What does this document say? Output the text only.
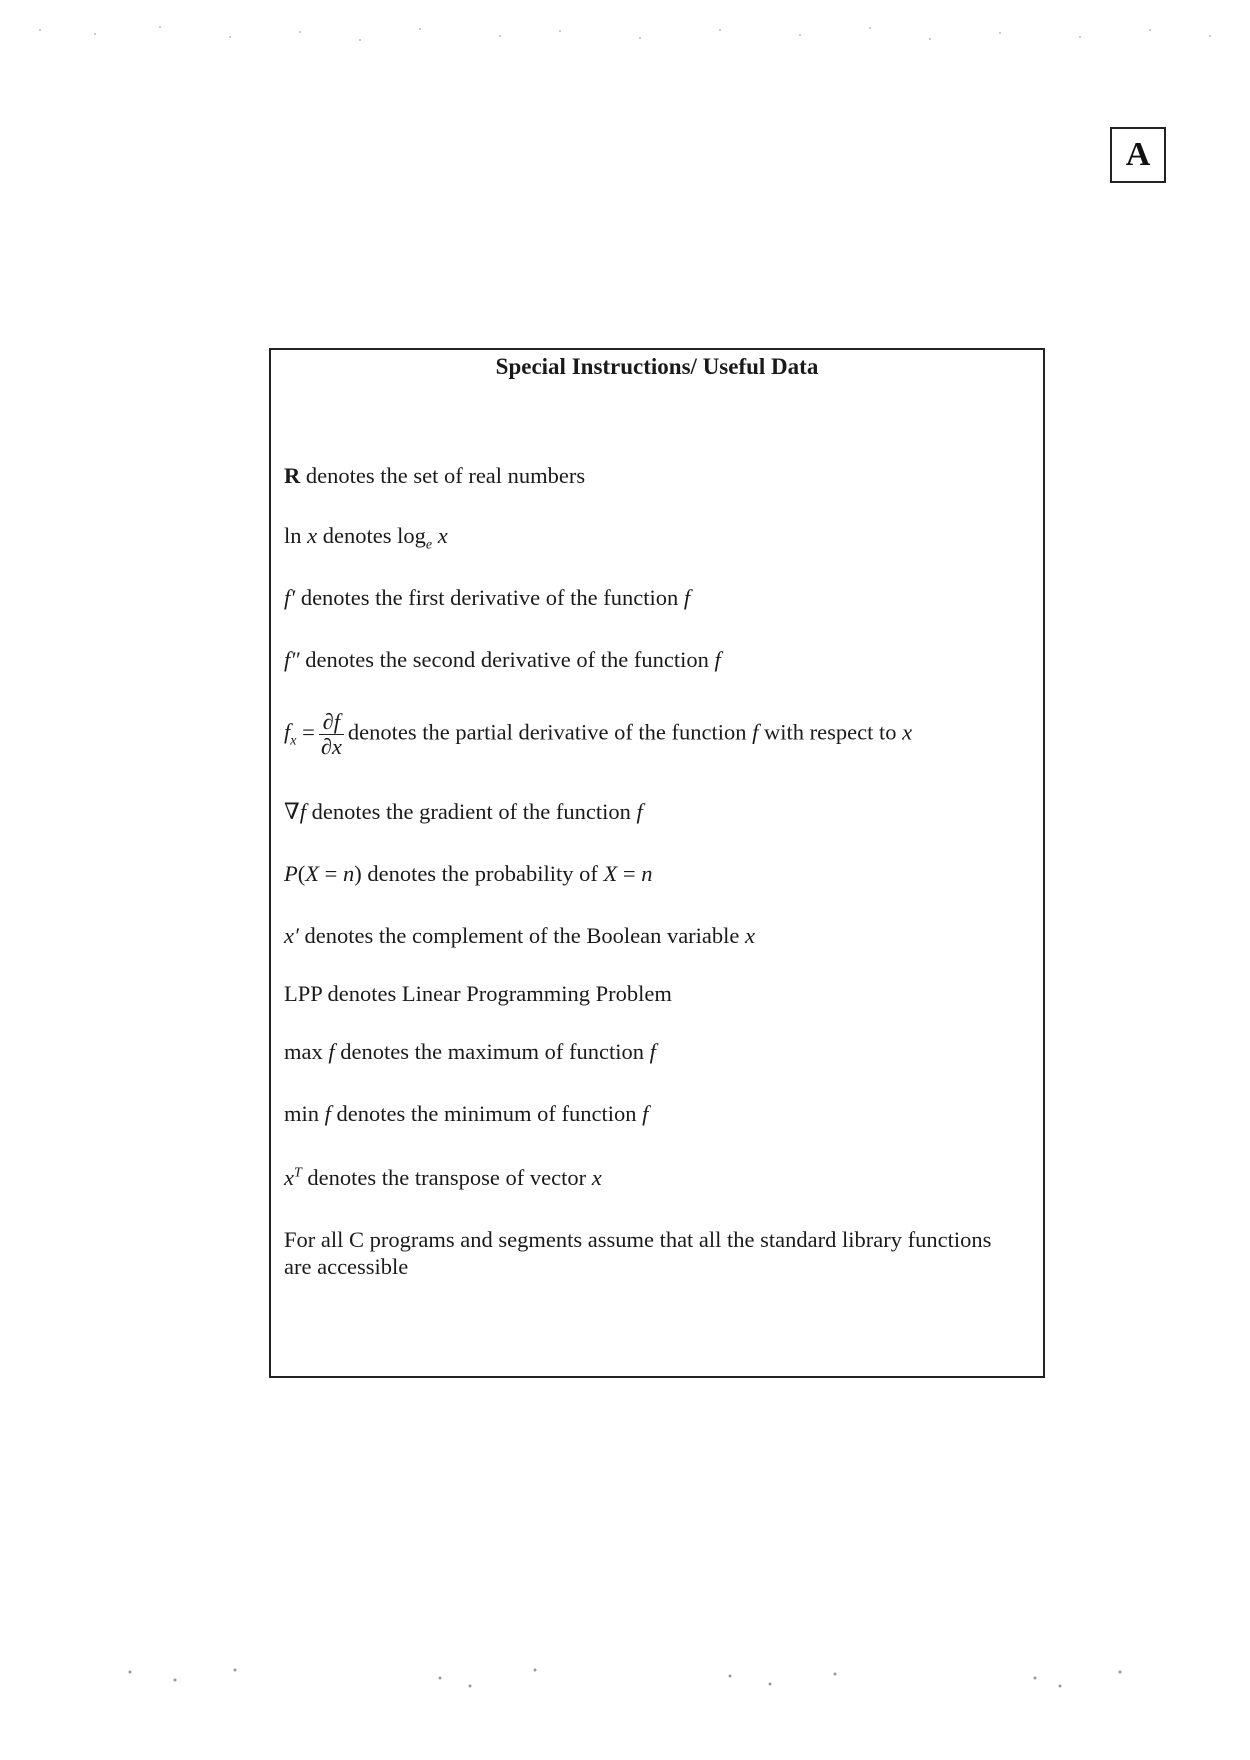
A
Special Instructions/ Useful Data
R denotes the set of real numbers
ln x denotes $\log_e x$
f′ denotes the first derivative of the function f
f″ denotes the second derivative of the function f
$f_x = \frac{\partial f}{\partial x}$ denotes the partial derivative of the function f with respect to x
∇f denotes the gradient of the function f
P(X = n) denotes the probability of X = n
x′ denotes the complement of the Boolean variable x
LPP denotes Linear Programming Problem
max f denotes the maximum of function f
min f denotes the minimum of function f
$x^T$ denotes the transpose of vector x
For all C programs and segments assume that all the standard library functions are accessible
